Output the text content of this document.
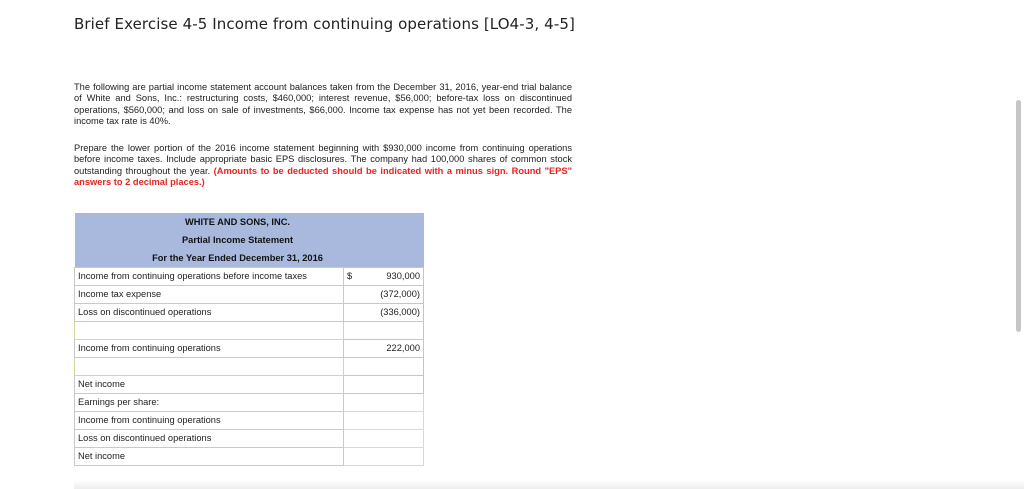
Brief Exercise 4-5 Income from continuing operations [LO4-3, 4-5]
The following are partial income statement account balances taken from the December 31, 2016, year-end trial balance of White and Sons, Inc.: restructuring costs, $460,000; interest revenue, $56,000; before-tax loss on discontinued operations, $560,000; and loss on sale of investments, $66,000. Income tax expense has not yet been recorded. The income tax rate is 40%.
Prepare the lower portion of the 2016 income statement beginning with $930,000 income from continuing operations before income taxes. Include appropriate basic EPS disclosures. The company had 100,000 shares of common stock outstanding throughout the year. (Amounts to be deducted should be indicated with a minus sign. Round "EPS" answers to 2 decimal places.)
WHITE AND SONS, INC.	
Partial Income Statement	
For the Year Ended December 31, 2016	
Income from continuing operations before income taxes	$ 930,000
Income tax expense	(372,000)
Loss on discontinued operations	(336,000)

Income from continuing operations	222,000

Net income	
Earnings per share:	
Income from continuing operations	
Loss on discontinued operations	
Net income	
